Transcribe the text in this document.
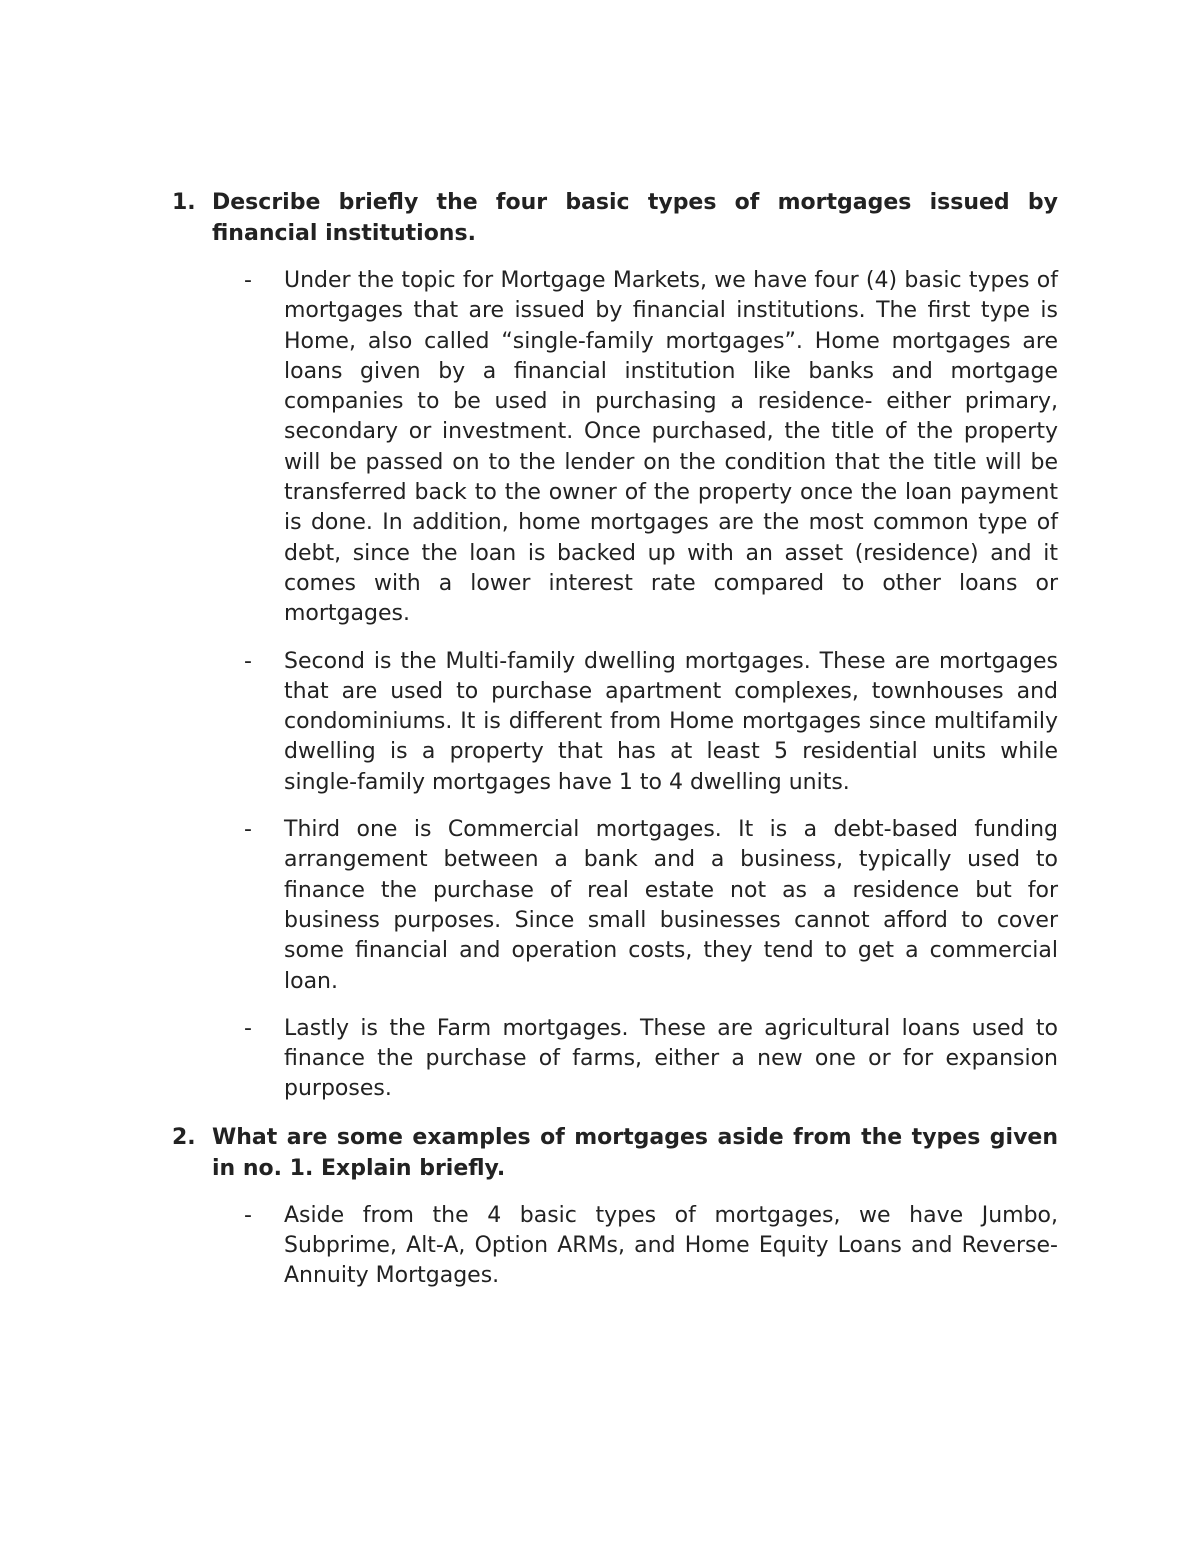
1. Describe briefly the four basic types of mortgages issued by financial institutions.
-	Under the topic for Mortgage Markets, we have four (4) basic types of mortgages that are issued by financial institutions. The first type is Home, also called “single-family mortgages”. Home mortgages are loans given by a financial institution like banks and mortgage companies to be used in purchasing a residence- either primary, secondary or investment. Once purchased, the title of the property will be passed on to the lender on the condition that the title will be transferred back to the owner of the property once the loan payment is done. In addition, home mortgages are the most common type of debt, since the loan is backed up with an asset (residence) and it comes with a lower interest rate compared to other loans or mortgages.
-	Second is the Multi-family dwelling mortgages. These are mortgages that are used to purchase apartment complexes, townhouses and condominiums. It is different from Home mortgages since multifamily dwelling is a property that has at least 5 residential units while single-family mortgages have 1 to 4 dwelling units.
-	Third one is Commercial mortgages. It is a debt-based funding arrangement between a bank and a business, typically used to finance the purchase of real estate not as a residence but for business purposes. Since small businesses cannot afford to cover some financial and operation costs, they tend to get a commercial loan.
-	Lastly is the Farm mortgages. These are agricultural loans used to finance the purchase of farms, either a new one or for expansion purposes.
2. What are some examples of mortgages aside from the types given in no. 1. Explain briefly.
-	Aside from the 4 basic types of mortgages, we have Jumbo, Subprime, Alt-A, Option ARMs, and Home Equity Loans and Reverse-Annuity Mortgages.
